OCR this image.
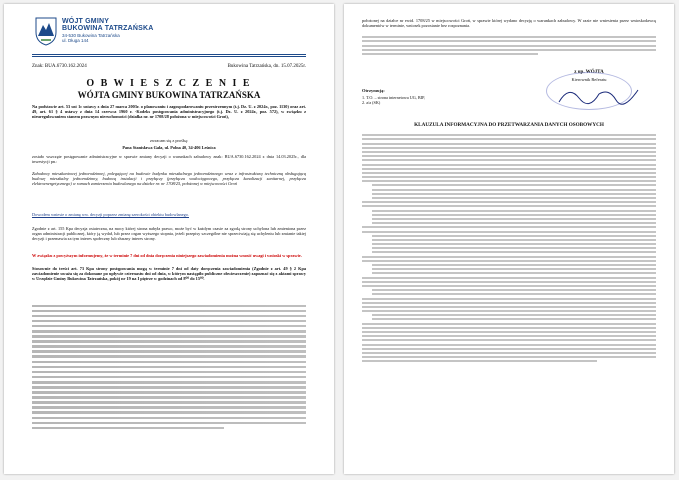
WÓJT GMINY
BUKOWINA TATRZAŃSKA
34-530 Bukowina Tatrzańska
ul. Długa 144
Znak: BUA.6730.162.2024	Bukowina Tatrzańska, dn. 15.07.2025r.
O B W I E S Z C Z E N I E
WÓJTA GMINY BUKOWINA TATRZAŃSKA
Na podstawie art. 53 ust 1c ustawy z dnia 27 marca 2003r. o planowaniu i zagospodarowaniu przestrzennym (t.j. Dz. U. z 2024r., poz. 1130) oraz art. 49, art. 61 § 4 ustawy z dnia 14 czerwca 1960 r. -Kodeks postępowania administracyjnego (t.j. Dz. U. z 2024r., poz. 572), w związku z nieuregulowaniem stanem prawnym nieruchomości (działka nr. nr 1708/28 położona w miejscowości Groń),
zwracam się z prośbą:
Pana Stanisława Gała, ul. Polna 40, 34-406 Leśnica
zostało wszczęte postępowanie administracyjne w sprawie zmiany decyzji o warunkach zabudowy znak: BUA.6730.162.2024 z dnia 14.03.2025r., dla inwestycji pn.:
Zabudowy mieszkaniowej jednorodzinnej, polegającej na budowie budynku mieszkalnego jednorodzinnego wraz z infrastrukturą techniczną obsługującą budowę mieszkalny jednorodzinny, budową instalacji i przyłączy (przyłącza wodociągowego, przyłącza kanalizacji sanitarnej, przyłącza elektroenergetycznego) w ramach zamierzenia budowlanego na działce nr. nr 1708/25, położonej w miejscowości Groń
Dowodem wniesie o zmianę ww. decyzji poprzez zmianę szerokości obiektu budowlanego.
Zgodnie z art. 155 Kpa decyzja ostateczna, na mocy której strona nabyła prawo, może być w każdym czasie za zgodą strony uchylona lub zmieniona przez organ administracji publicznej, który ją wydał, lub przez organ wyższego stopnia, jeżeli przepisy szczególne nie sprzeciwiają się uchyleniu lub zmianie takiej decyzji i przemawia za tym interes społeczny lub słuszny interes strony.
W związku z powyższym informujemy, że w terminie 7 dni od dnia doręczenia niniejszego zawiadomienia można wnosić uwagi i wnioski w sprawie.
Stosownie do treści art. 73 Kpa strony postępowania mogą w terminie 7 dni od daty doręczenia zawiadomienia (Zgodnie z art. 49 § 2 Kpa zawiadomienie uważa się za dokonane po upływie czternastu dni od dnia, w którym nastąpiło publiczne obwieszczenie) zapoznać się z aktami sprawy w Urzędzie Gminy Bukowina Tatrzańska, pokój nr 19 na I piętrze w godzinach od 8⁰⁰ do 15⁰⁰.
położonej na działce nr ewid. 1708/25 w miejscowości Groń, w sprawie której wydano decyzję o warunkach zabudowy. W razie nie wniesienia przez wnioskodawcę dokumentów w terminie, wniosek pozostanie bez rozpoznania.
z up. WÓJTA
Kierownik Referatu
Otrzymują:
1. T.O. – strona internetowa UG, BIP,
2. a/a (SK)
KLAUZULA INFORMACYJNA DO PRZETWARZANIA DANYCH OSOBOWYCH
